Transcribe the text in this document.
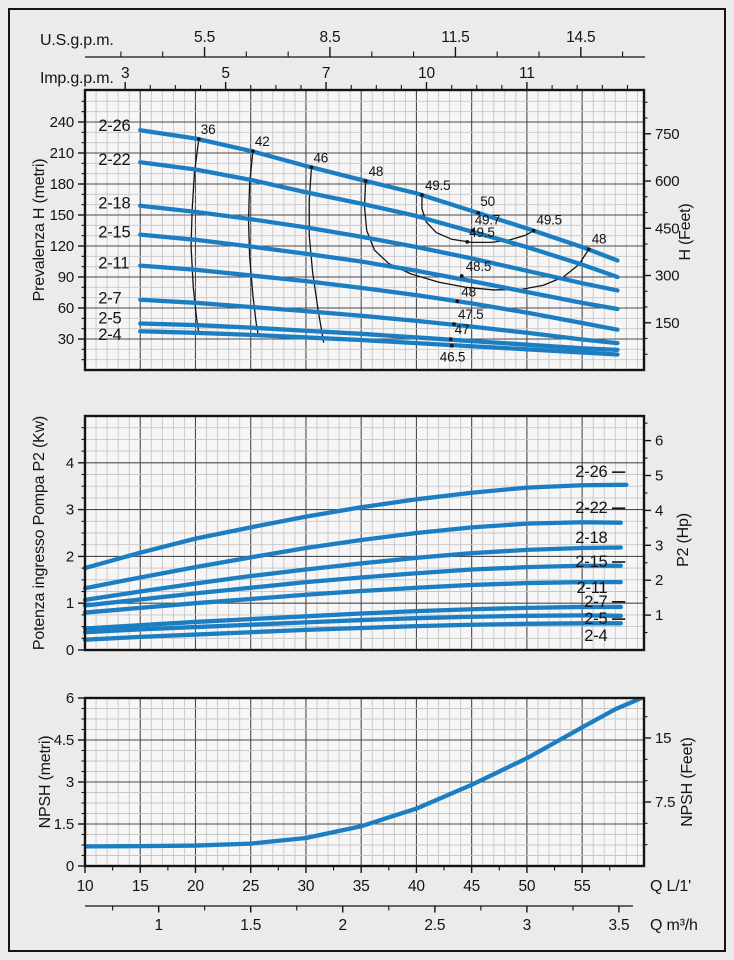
U.S.g.p.m.
Imp.g.p.m.
Prevalenza H (metri)	H (Feet)
Potenza ingresso Pompa P2 (Kw)	P2 (Hp)
NPSH (metri)	NPSH (Feet)
Q L/1'
Q m³/h
36
42
46
48
49.5
50
49.7
49.5
49.5
48
48.5
48
47.5
47
46.5
2-26
2-22
2-18
2-15
2-11
2-7
2-5
2-4
30
60
90
120
150
180
210
240
150
300
450
600
750
5.5	8.5	11.5	14.5
3	5	7	10	11
2-26
2-22
2-18
2-15
2-11
2-7
2-5
2-4
0
1
2
3
4
1
2
3
4
5
6
0
1.5
3
4.5
6
7.5
15
10 15 20 25 30 35 40 45 50 55
1	1.5	2	2.5	3	3.5
